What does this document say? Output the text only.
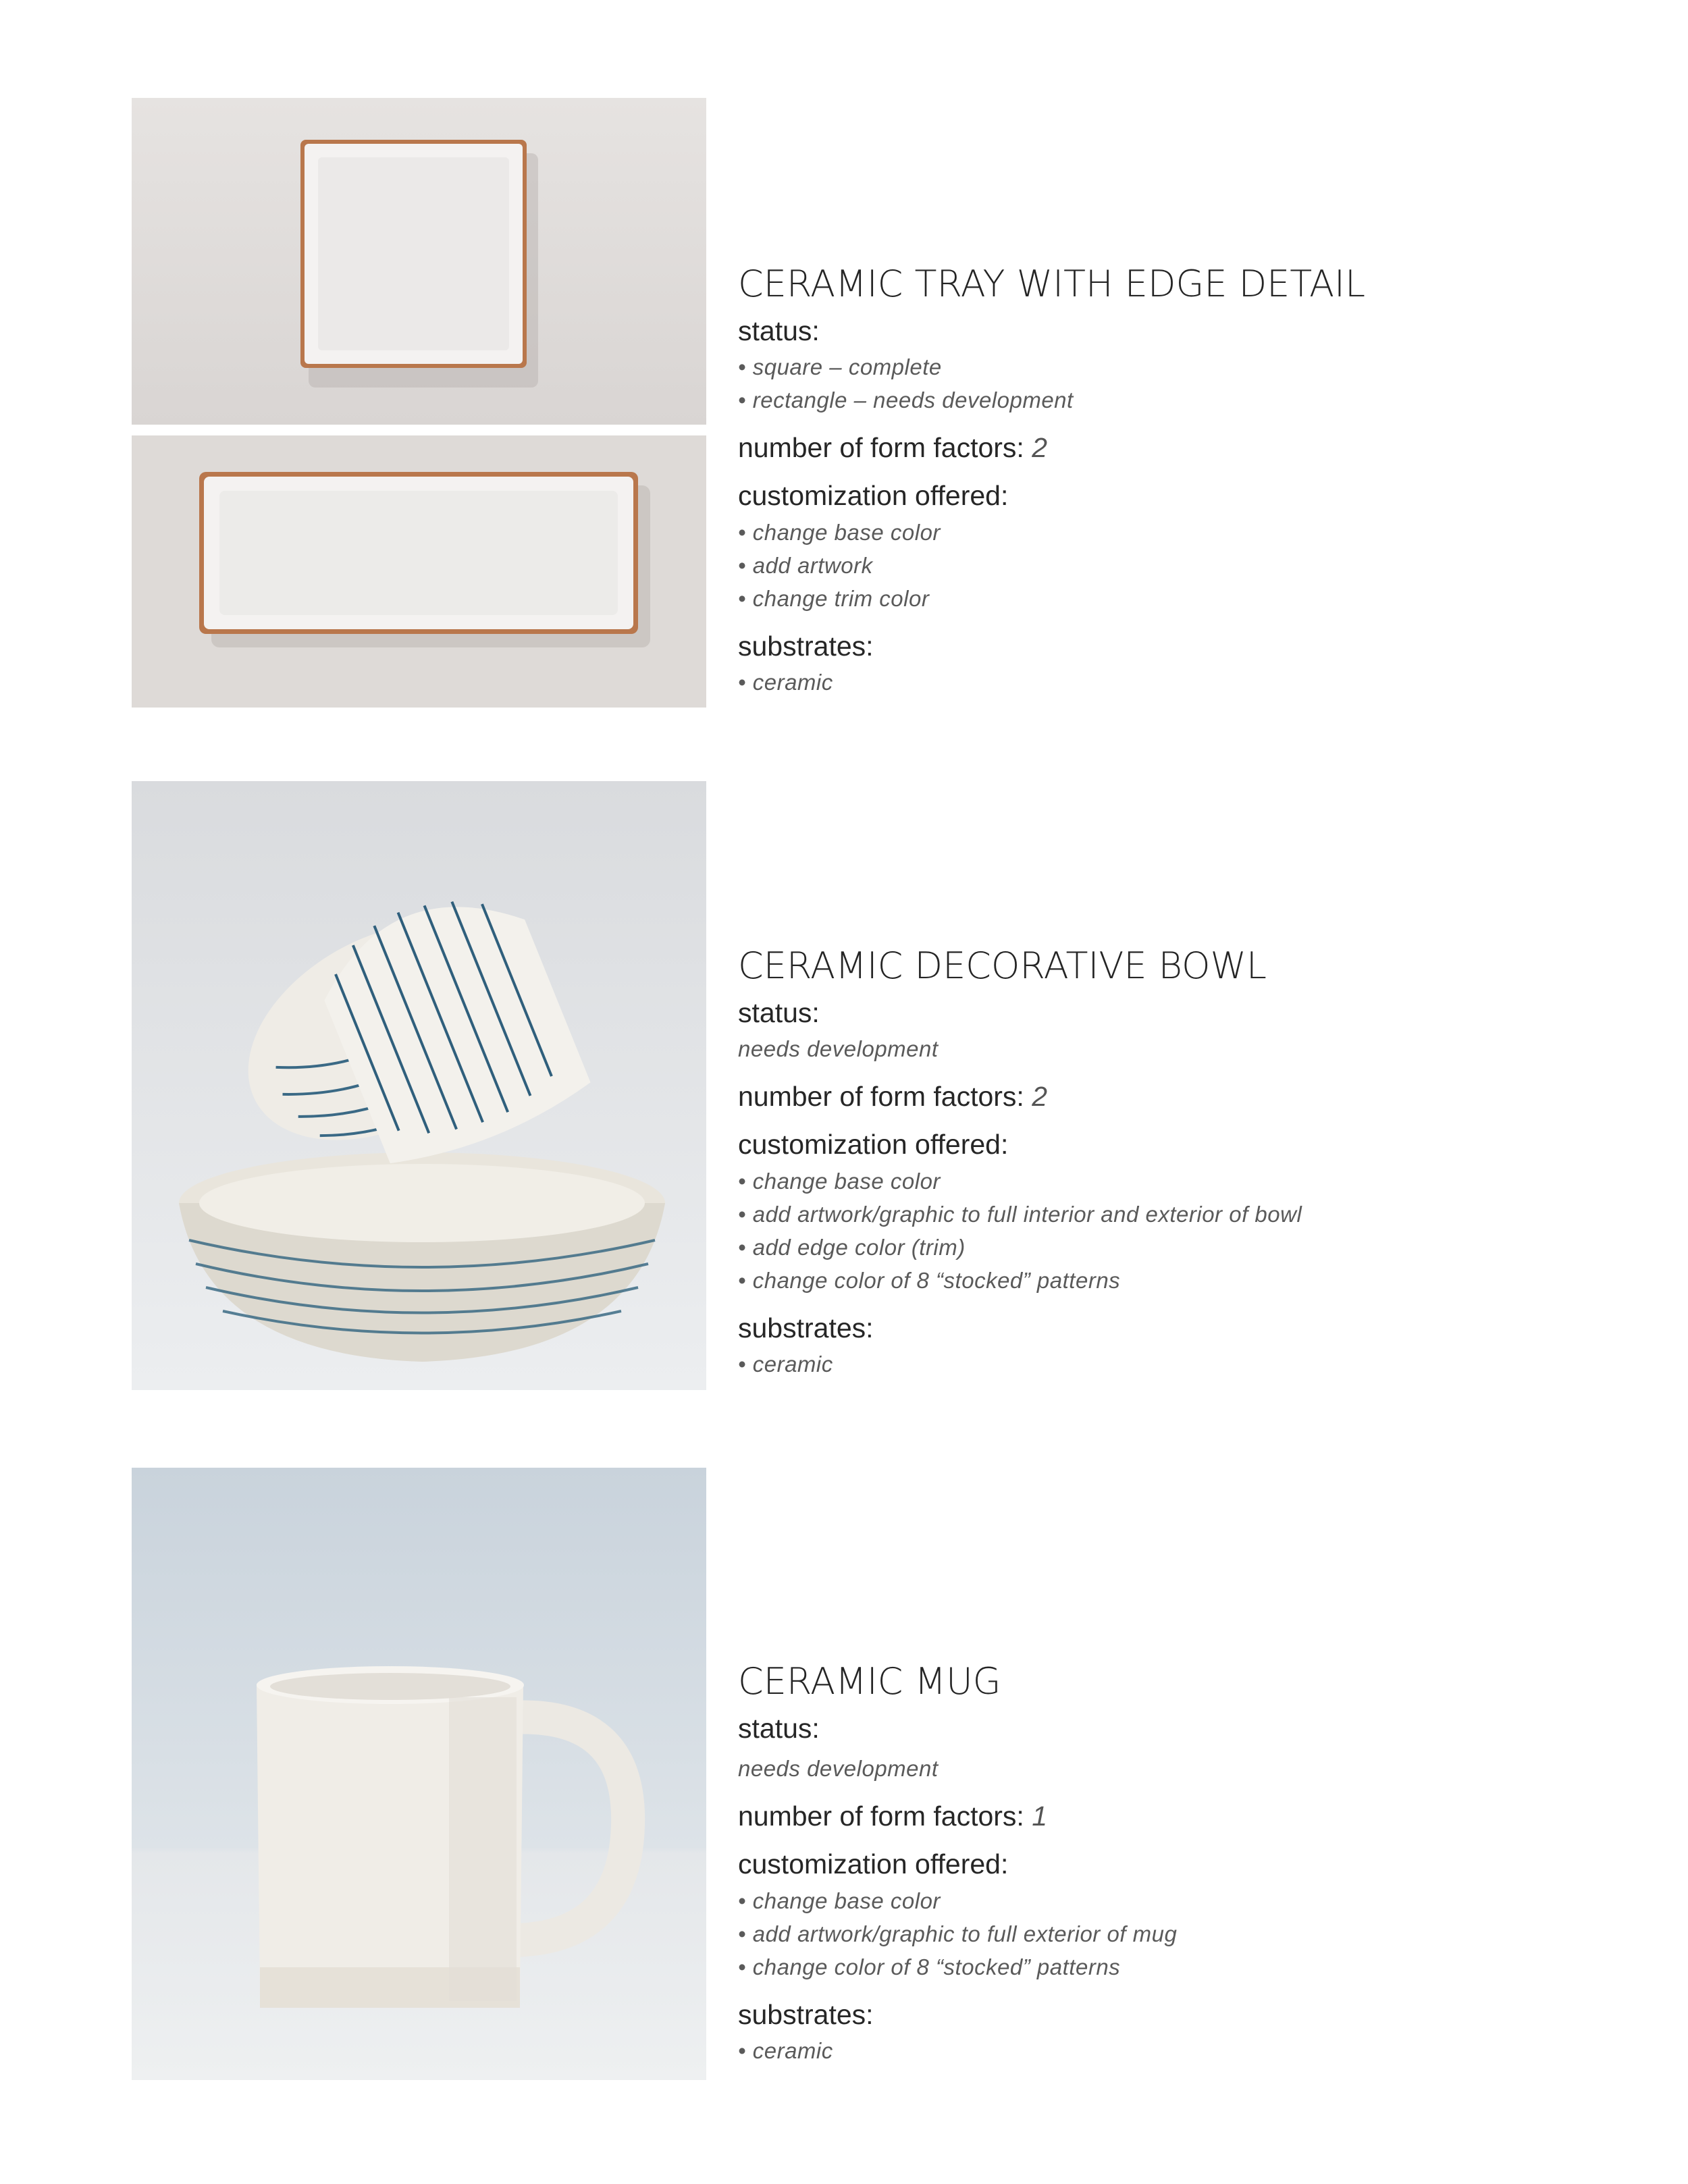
CERAMIC TRAY WITH EDGE DETAIL
status:
• square – complete
• rectangle – needs development
number of form factors: 2
customization offered:
• change base color
• add artwork
• change trim color
substrates:
• ceramic
CERAMIC DECORATIVE BOWL
status:
needs development
number of form factors: 2
customization offered:
• change base color
• add artwork/graphic to full interior and exterior of bowl
• add edge color (trim)
• change color of 8 “stocked” patterns
substrates:
• ceramic
CERAMIC MUG
status:
needs development
number of form factors: 1
customization offered:
• change base color
• add artwork/graphic to full exterior of mug
• change color of 8 “stocked” patterns
substrates:
• ceramic
